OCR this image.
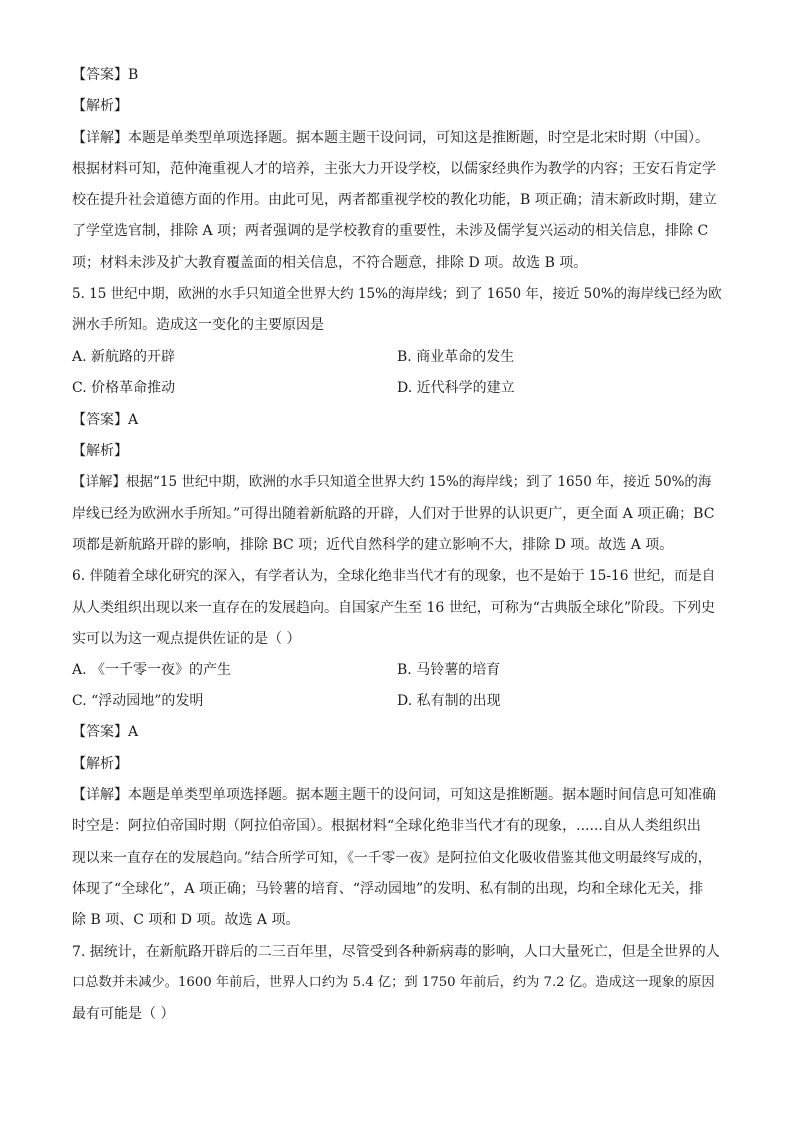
【答案】B
【解析】
【详解】本题是单类型单项选择题。据本题主题干设问词，可知这是推断题，时空是北宋时期（中国）。
根据材料可知，范仲淹重视人才的培养，主张大力开设学校，以儒家经典作为教学的内容；王安石肯定学
校在提升社会道德方面的作用。由此可见，两者都重视学校的教化功能，B 项正确；清末新政时期，建立
了学堂选官制，排除 A 项；两者强调的是学校教育的重要性，未涉及儒学复兴运动的相关信息，排除 C
项；材料未涉及扩大教育覆盖面的相关信息，不符合题意，排除 D 项。故选 B 项。
5. 15 世纪中期，欧洲的水手只知道全世界大约 15%的海岸线；到了 1650 年，接近 50%的海岸线已经为欧
洲水手所知。造成这一变化的主要原因是
A. 新航路的开辟	B. 商业革命的发生
C. 价格革命推动	D. 近代科学的建立
【答案】A
【解析】
【详解】根据“15 世纪中期，欧洲的水手只知道全世界大约 15%的海岸线；到了 1650 年，接近 50%的海
岸线已经为欧洲水手所知。”可得出随着新航路的开辟，人们对于世界的认识更广，更全面 A 项正确；BC
项都是新航路开辟的影响，排除 BC 项；近代自然科学的建立影响不大，排除 D 项。故选 A 项。
6. 伴随着全球化研究的深入，有学者认为，全球化绝非当代才有的现象，也不是始于 15-16 世纪，而是自
从人类组织出现以来一直存在的发展趋向。自国家产生至 16 世纪，可称为“古典版全球化”阶段。下列史
实可以为这一观点提供佐证的是（ ）
A. 《一千零一夜》的产生	B. 马铃薯的培育
C. “浮动园地”的发明	D. 私有制的出现
【答案】A
【解析】
【详解】本题是单类型单项选择题。据本题主题干的设问词，可知这是推断题。据本题时间信息可知准确
时空是：阿拉伯帝国时期（阿拉伯帝国）。根据材料“全球化绝非当代才有的现象，......自从人类组织出
现以来一直存在的发展趋向。”结合所学可知，《一千零一夜》是阿拉伯文化吸收借鉴其他文明最终写成的，
体现了“全球化”，A 项正确；马铃薯的培育、“浮动园地”的发明、私有制的出现，均和全球化无关，排
除 B 项、C 项和 D 项。故选 A 项。
7. 据统计，在新航路开辟后的二三百年里，尽管受到各种新病毒的影响，人口大量死亡，但是全世界的人
口总数并未减少。1600 年前后，世界人口约为 5.4 亿；到 1750 年前后，约为 7.2 亿。造成这一现象的原因
最有可能是（ ）
